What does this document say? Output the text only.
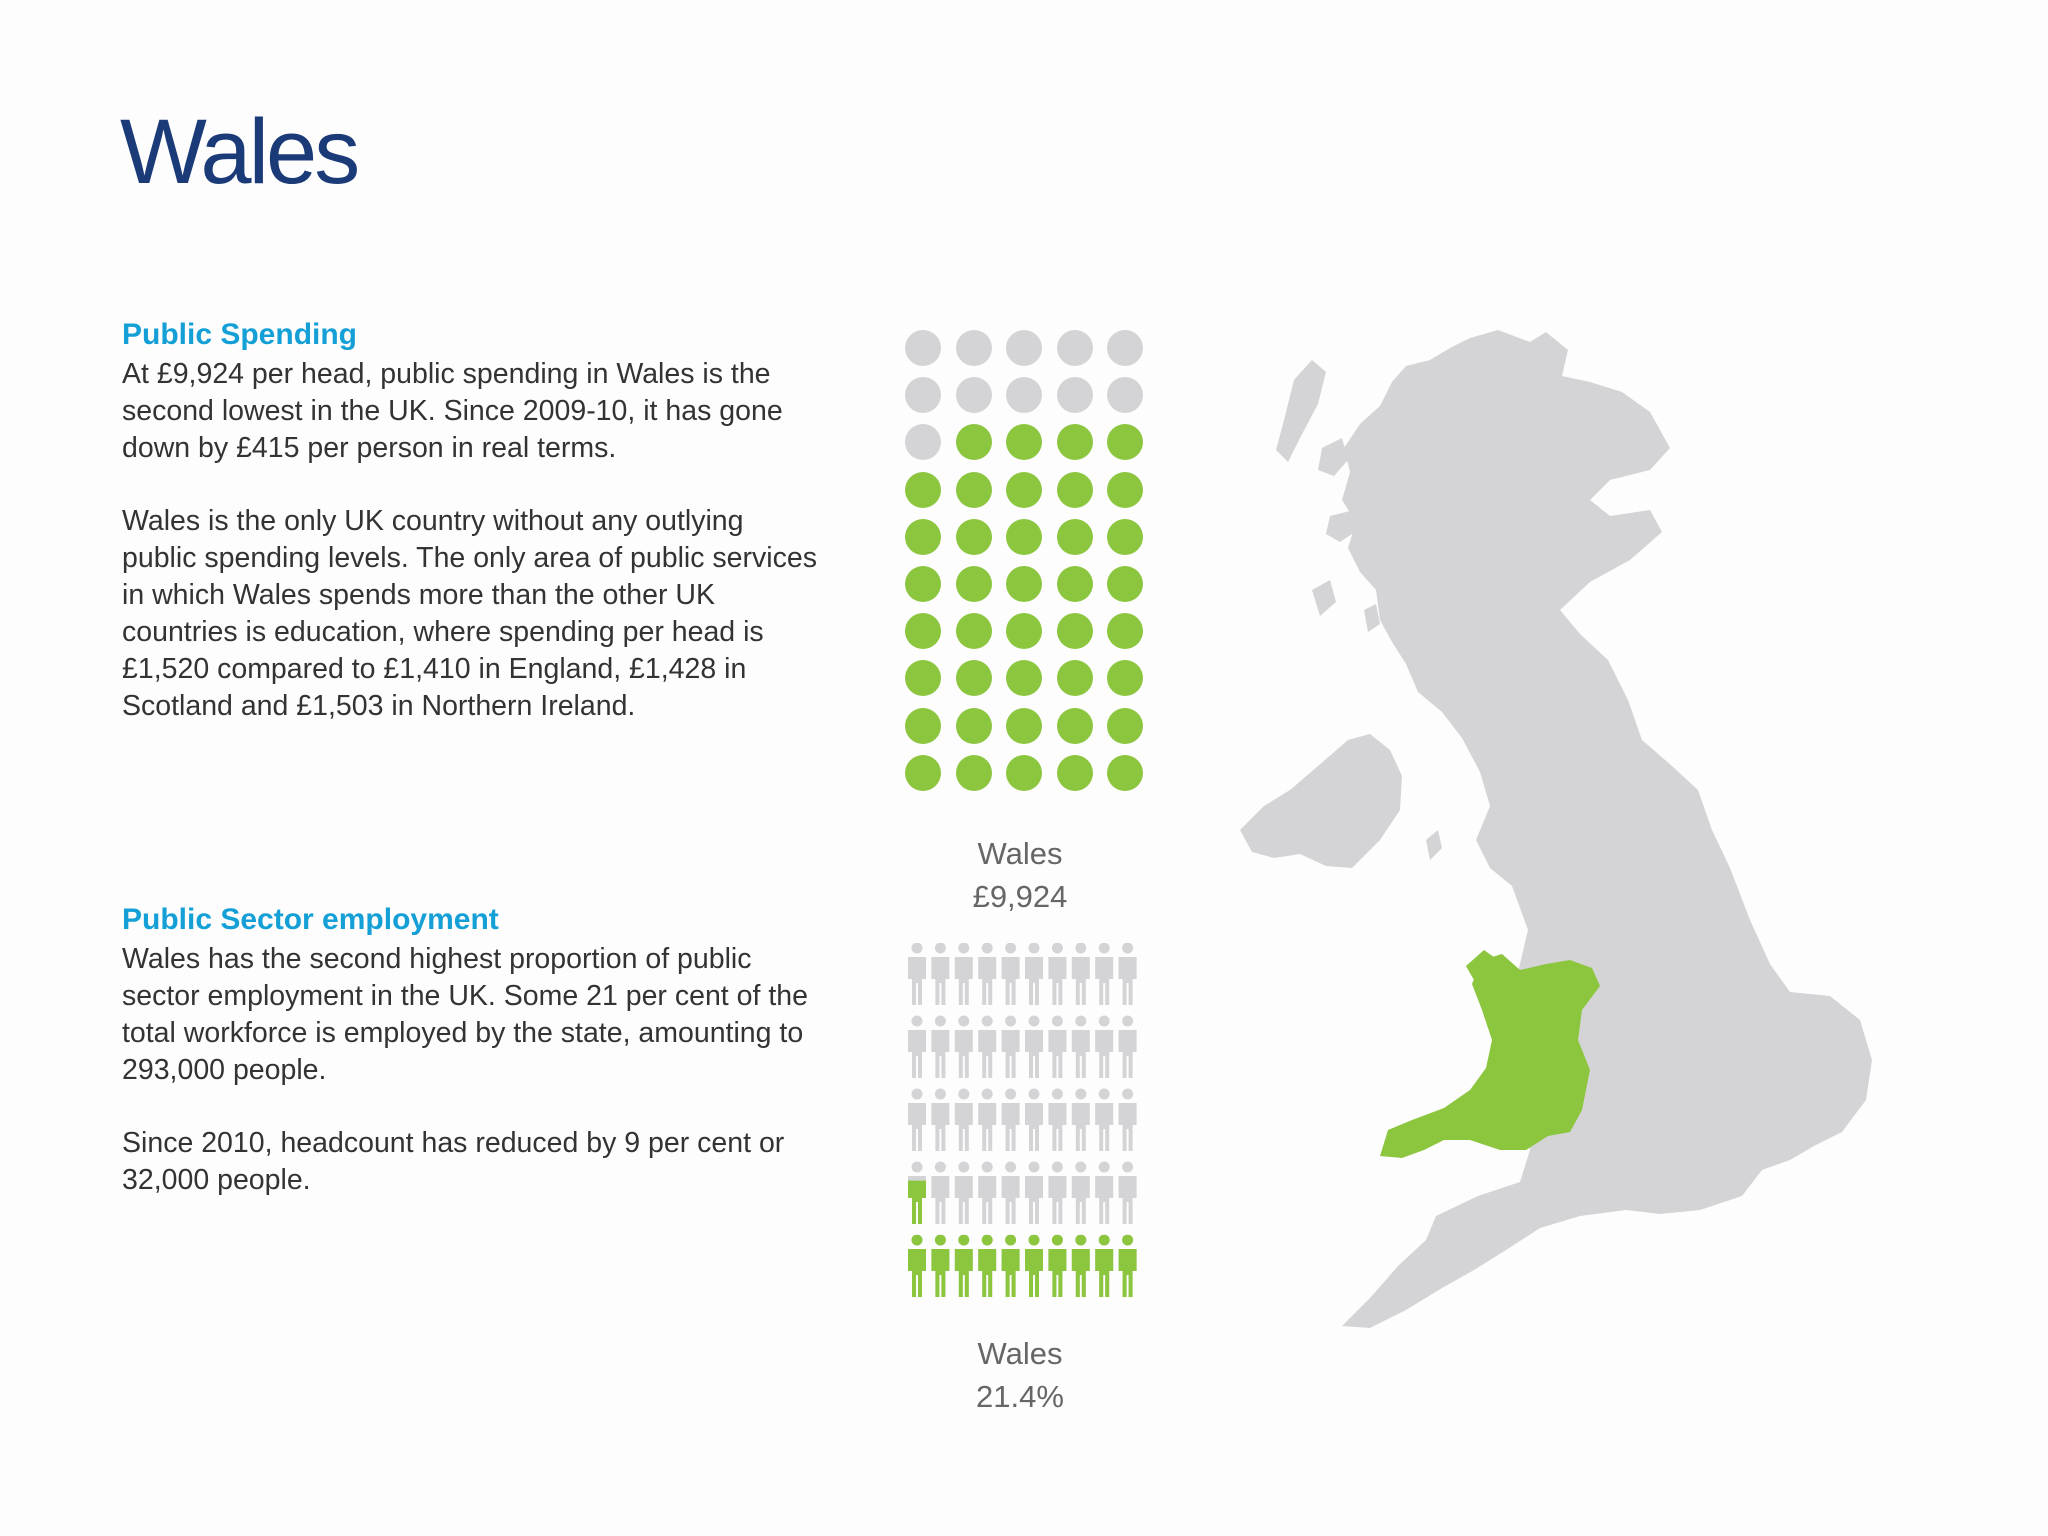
Wales
Public Spending

At £9,924 per head, public spending in Wales is the second lowest in the UK. Since 2009-10, it has gone down by £415 per person in real terms.

Wales is the only UK country without any outlying public spending levels. The only area of public services in which Wales spends more than the other UK countries is education, where spending per head is £1,520 compared to £1,410 in England, £1,428 in Scotland and £1,503 in Northern Ireland.

Public Sector employment

Wales has the second highest proportion of public sector employment in the UK. Some 21 per cent of the total workforce is employed by the state, amounting to 293,000 people.

Since 2010, headcount has reduced by 9 per cent or 32,000 people.

Wales
£9,924
Wales
21.4%
